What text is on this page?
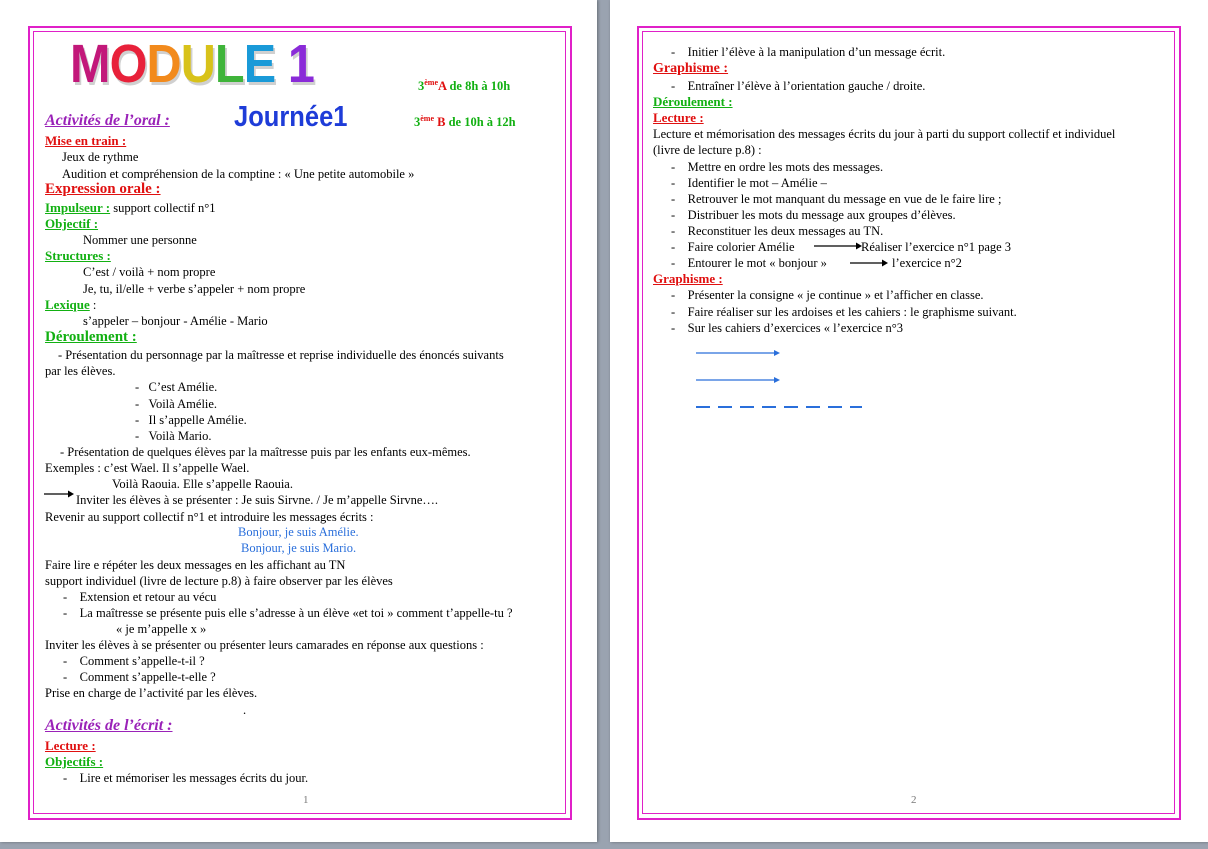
MODULE 1
Journée1
3èmeA de 8h à 10h
3ème B de 10h à 12h
Activités de l’oral :
Mise en train :
Jeux de rythme
Audition et compréhension de la comptine : « Une petite automobile »
Expression orale :
Impulseur : support collectif n°1
Objectif :
Nommer une personne
Structures :
C’est / voilà + nom propre
Je, tu, il/elle + verbe s’appeler + nom propre
Lexique :
s’appeler – bonjour - Amélie - Mario
Déroulement :
- Présentation du personnage par la maîtresse et reprise individuelle des énoncés suivants
par les élèves.
-   C’est Amélie.
-   Voilà Amélie.
-   Il s’appelle Amélie.
-   Voilà Mario.
- Présentation de quelques élèves par la maîtresse puis par les enfants eux-mêmes.
Exemples : c’est Wael. Il s’appelle Wael.
Voilà Raouia. Elle s’appelle Raouia.
Inviter les élèves à se présenter : Je suis Sirvne. / Je m’appelle Sirvne….
Revenir au support collectif n°1 et introduire les messages écrits :
Bonjour, je suis Amélie.
Bonjour, je suis Mario.
Faire lire e répéter les deux messages en les affichant au TN
support individuel (livre de lecture p.8) à faire observer par les élèves
-    Extension et retour au vécu
-    La maîtresse se présente puis elle s’adresse à un élève «et toi » comment t’appelle-tu ?
« je m’appelle x »
Inviter les élèves à se présenter ou présenter leurs camarades en réponse aux questions :
-    Comment s’appelle-t-il ?
-    Comment s’appelle-t-elle ?
Prise en charge de l’activité par les élèves.
.
Activités de l’écrit :
Lecture :
Objectifs :
-    Lire et mémoriser les messages écrits du jour.
1
-    Initier l’élève à la manipulation d’un message écrit.
Graphisme :
-    Entraîner l’élève à l’orientation gauche / droite.
Déroulement :
Lecture :
Lecture et mémorisation des messages écrits du jour à parti du support collectif et individuel
(livre de lecture p.8) :
-    Mettre en ordre les mots des messages.
-    Identifier le mot – Amélie –
-    Retrouver le mot manquant du message en vue de le faire lire ;
-    Distribuer les mots du message aux groupes d’élèves.
-    Reconstituer les deux messages au TN.
-    Faire colorier Amélie	Réaliser l’exercice n°1 page 3
-    Entourer le mot « bonjour »	l’exercice n°2
Graphisme :
-    Présenter la consigne « je continue » et l’afficher en classe.
-    Faire réaliser sur les ardoises et les cahiers : le graphisme suivant.
-    Sur les cahiers d’exercices « l’exercice n°3
2
